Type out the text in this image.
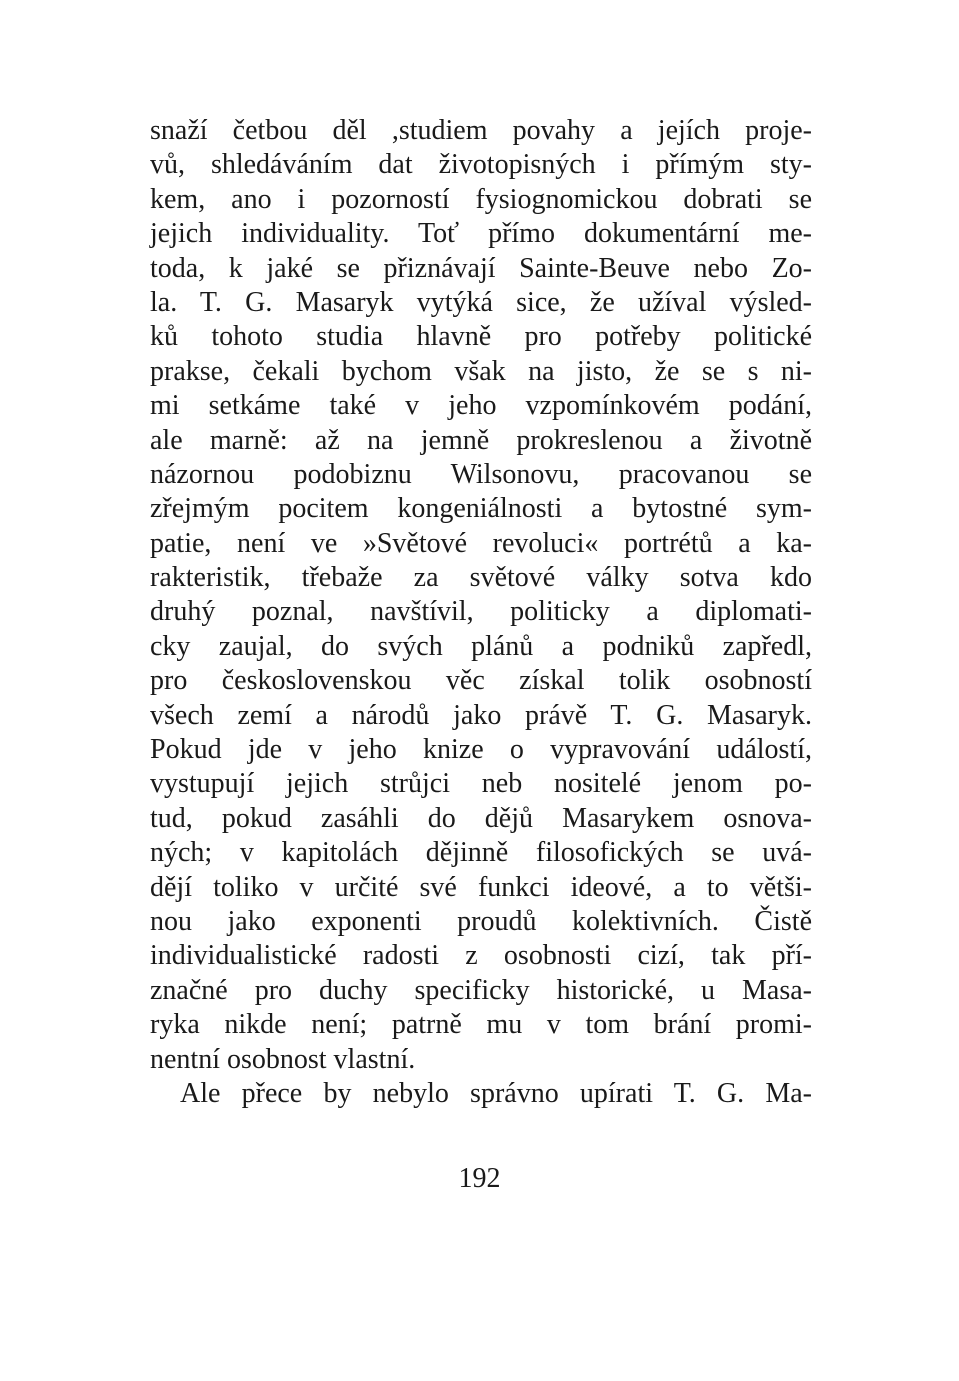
snaží četbou děl ,studiem povahy a jejích proje-
vů, shledáváním dat životopisných i přímým sty-
kem, ano i pozorností fysiognomickou dobrati se
jejich individuality. Toť přímo dokumentární me-
toda, k jaké se přiznávají Sainte-Beuve nebo Zo-
la. T. G. Masaryk vytýká sice, že užíval výsled-
ků tohoto studia hlavně pro potřeby politické
prakse, čekali bychom však na jisto, že se s ni-
mi setkáme také v jeho vzpomínkovém podání,
ale marně: až na jemně prokreslenou a životně
názornou podobiznu Wilsonovu, pracovanou se
zřejmým pocitem kongeniálnosti a bytostné sym-
patie, není ve »Světové revoluci« portrétů a ka-
rakteristik, třebaže za světové války sotva kdo
druhý poznal, navštívil, politicky a diplomati-
cky zaujal, do svých plánů a podniků zapředl,
pro československou věc získal tolik osobností
všech zemí a národů jako právě T. G. Masaryk.
Pokud jde v jeho knize o vypravování událostí,
vystupují jejich strůjci neb nositelé jenom po-
tud, pokud zasáhli do dějů Masarykem osnova-
ných; v kapitolách dějinně filosofických se uvá-
dějí toliko v určité své funkci ideové, a to větši-
nou jako exponenti proudů kolektivních. Čistě
individualistické radosti z osobnosti cizí, tak pří-
značné pro duchy specificky historické, u Masa-
ryka nikde není; patrně mu v tom brání promi-
nentní osobnost vlastní.
Ale přece by nebylo správno upírati T. G. Ma-
192
